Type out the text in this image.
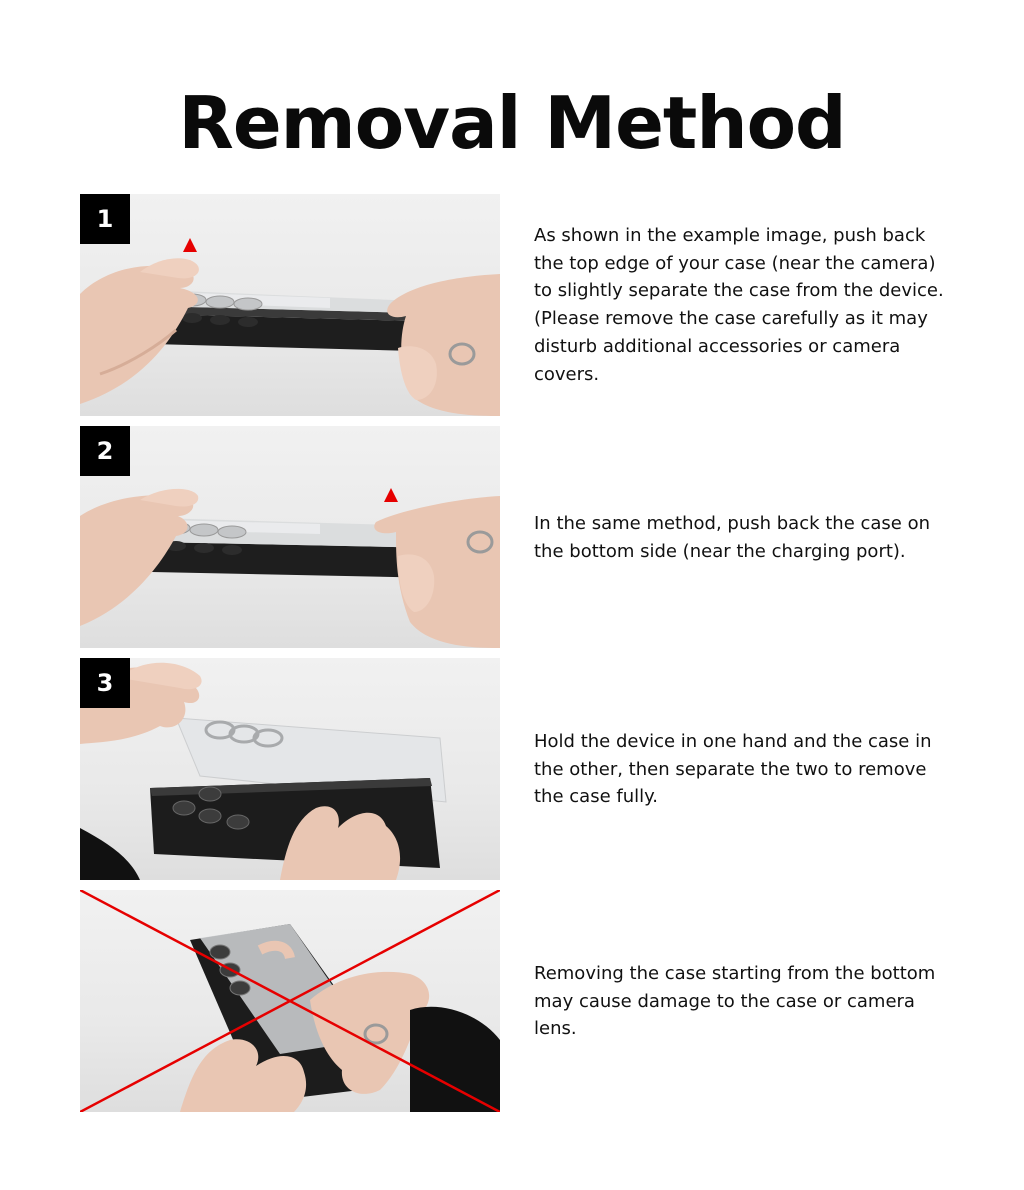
Removal Method
1
As shown in the example image, push back the top edge of your case (near the camera) to slightly separate the case from the device. (Please remove the case carefully as it may disturb additional accessories or camera covers.
2
In the same method, push back the case on the bottom side (near the charging port).
3
Hold the device in one hand and the case in the other, then separate the two to remove the case fully.
Removing the case starting from the bottom may cause damage to the case or camera lens.
